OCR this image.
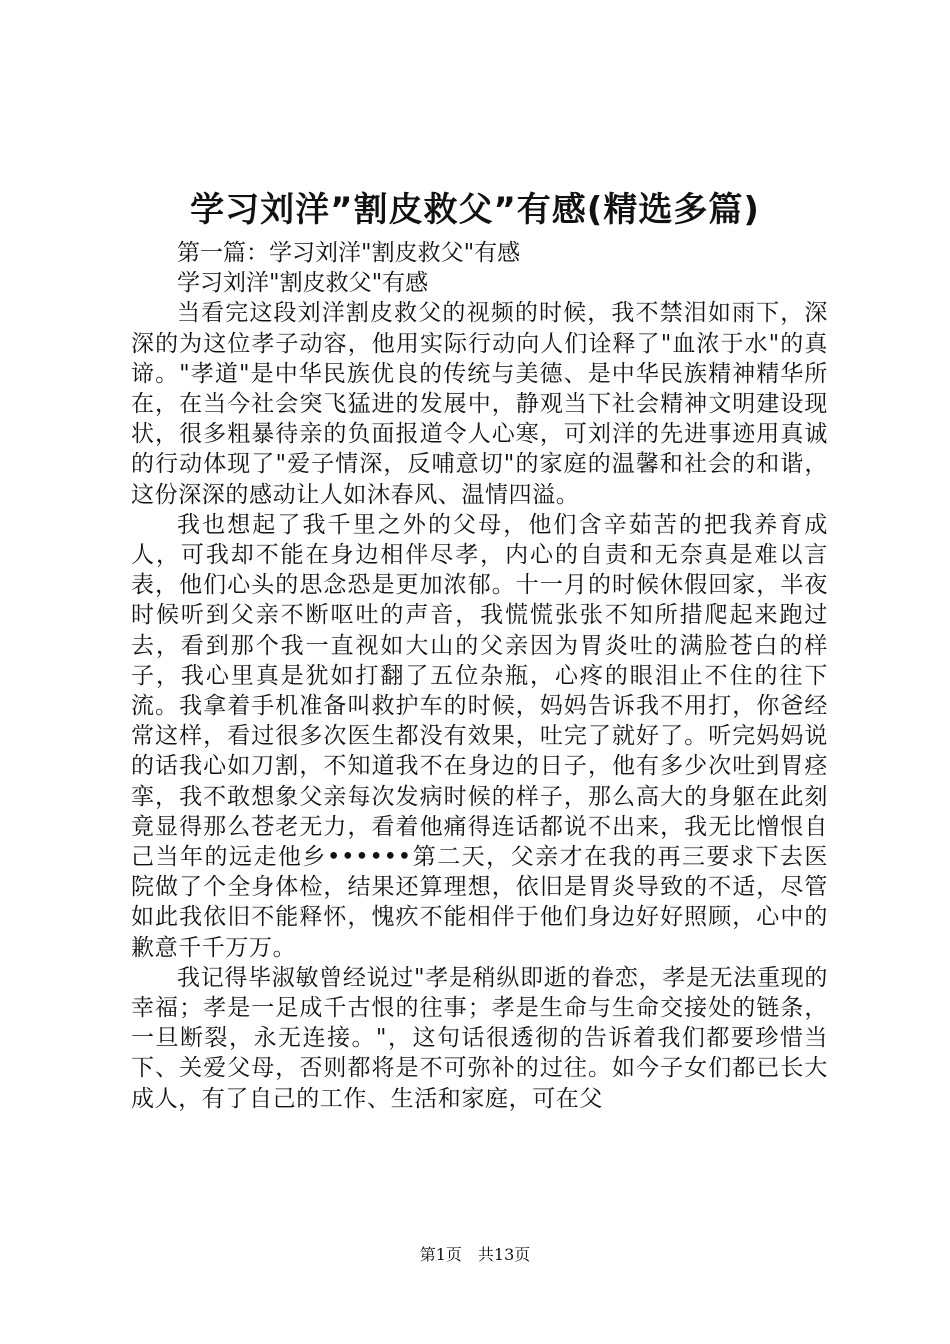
学习刘洋”割皮救父”有感(精选多篇)

第一篇：学习刘洋"割皮救父"有感

学习刘洋"割皮救父"有感

当看完这段刘洋割皮救父的视频的时候，我不禁泪如雨下，深深的为这位孝子动容，他用实际行动向人们诠释了"血浓于水"的真谛。"孝道"是中华民族优良的传统与美德、是中华民族精神精华所在，在当今社会突飞猛进的发展中，静观当下社会精神文明建设现状，很多粗暴待亲的负面报道令人心寒，可刘洋的先进事迹用真诚的行动体现了"爱子情深，反哺意切"的家庭的温馨和社会的和谐，这份深深的感动让人如沐春风、温情四溢。

我也想起了我千里之外的父母，他们含辛茹苦的把我养育成人，可我却不能在身边相伴尽孝，内心的自责和无奈真是难以言表，他们心头的思念恐是更加浓郁。十一月的时候休假回家，半夜时候听到父亲不断呕吐的声音，我慌慌张张不知所措爬起来跑过去，看到那个我一直视如大山的父亲因为胃炎吐的满脸苍白的样子，我心里真是犹如打翻了五位杂瓶，心疼的眼泪止不住的往下流。我拿着手机准备叫救护车的时候，妈妈告诉我不用打，你爸经常这样，看过很多次医生都没有效果，吐完了就好了。听完妈妈说的话我心如刀割，不知道我不在身边的日子，他有多少次吐到胃痉挛，我不敢想象父亲每次发病时候的样子，那么高大的身躯在此刻竟显得那么苍老无力，看着他痛得连话都说不出来，我无比憎恨自己当年的远走他乡••••••第二天，父亲才在我的再三要求下去医院做了个全身体检，结果还算理想，依旧是胃炎导致的不适，尽管如此我依旧不能释怀，愧疚不能相伴于他们身边好好照顾，心中的歉意千千万万。

我记得毕淑敏曾经说过"孝是稍纵即逝的眷恋，孝是无法重现的幸福；孝是一足成千古恨的往事；孝是生命与生命交接处的链条，一旦断裂，永无连接。"，这句话很透彻的告诉着我们都要珍惜当下、关爱父母，否则都将是不可弥补的过往。如今子女们都已长大成人，有了自己的工作、生活和家庭，可在父

第1页  共13页
